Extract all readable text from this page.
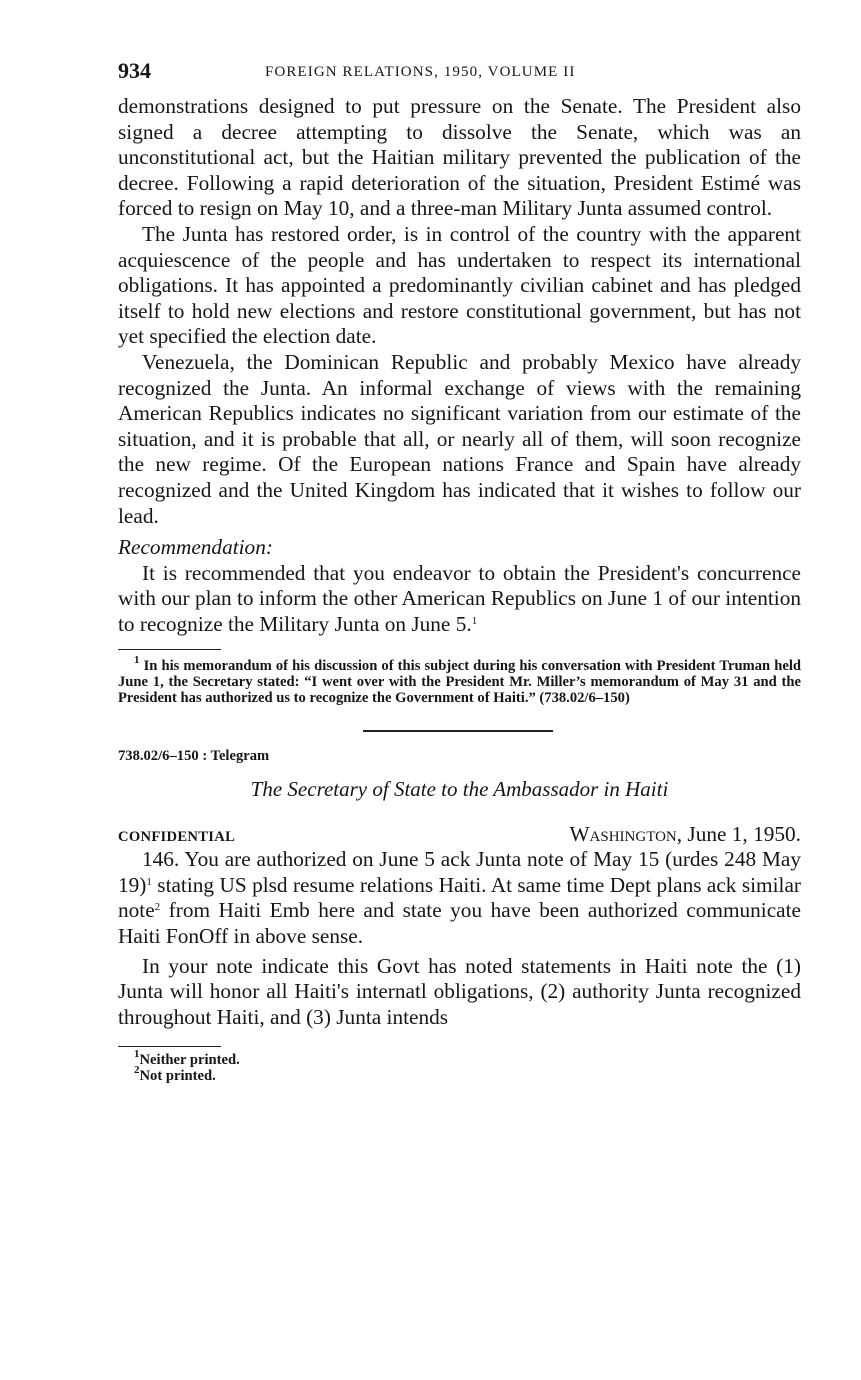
934	FOREIGN RELATIONS, 1950, VOLUME II

demonstrations designed to put pressure on the Senate. The President also signed a decree attempting to dissolve the Senate, which was an unconstitutional act, but the Haitian military prevented the publication of the decree. Following a rapid deterioration of the situation, President Estimé was forced to resign on May 10, and a three-man Military Junta assumed control.

The Junta has restored order, is in control of the country with the apparent acquiescence of the people and has undertaken to respect its international obligations. It has appointed a predominantly civilian cabinet and has pledged itself to hold new elections and restore constitutional government, but has not yet specified the election date.

Venezuela, the Dominican Republic and probably Mexico have already recognized the Junta. An informal exchange of views with the remaining American Republics indicates no significant variation from our estimate of the situation, and it is probable that all, or nearly all of them, will soon recognize the new regime. Of the European nations France and Spain have already recognized and the United Kingdom has indicated that it wishes to follow our lead.

Recommendation:

It is recommended that you endeavor to obtain the President's concurrence with our plan to inform the other American Republics on June 1 of our intention to recognize the Military Junta on June 5.$^1$

$^1$ In his memorandum of his discussion of this subject during his conversation with President Truman held June 1, the Secretary stated: “I went over with the President Mr. Miller’s memorandum of May 31 and the President has authorized us to recognize the Government of Haiti.” (738.02/6–150)

738.02/6–150 : Telegram

The Secretary of State to the Ambassador in Haiti

CONFIDENTIAL	Washington, June 1, 1950.

146. You are authorized on June 5 ack Junta note of May 15 (urdes 248 May 19)$^1$ stating US plsd resume relations Haiti. At same time Dept plans ack similar note$^2$ from Haiti Emb here and state you have been authorized communicate Haiti FonOff in above sense.

In your note indicate this Govt has noted statements in Haiti note the (1) Junta will honor all Haiti's internatl obligations, (2) authority Junta recognized throughout Haiti, and (3) Junta intends

$^1$Neither printed.

$^2$Not printed.
